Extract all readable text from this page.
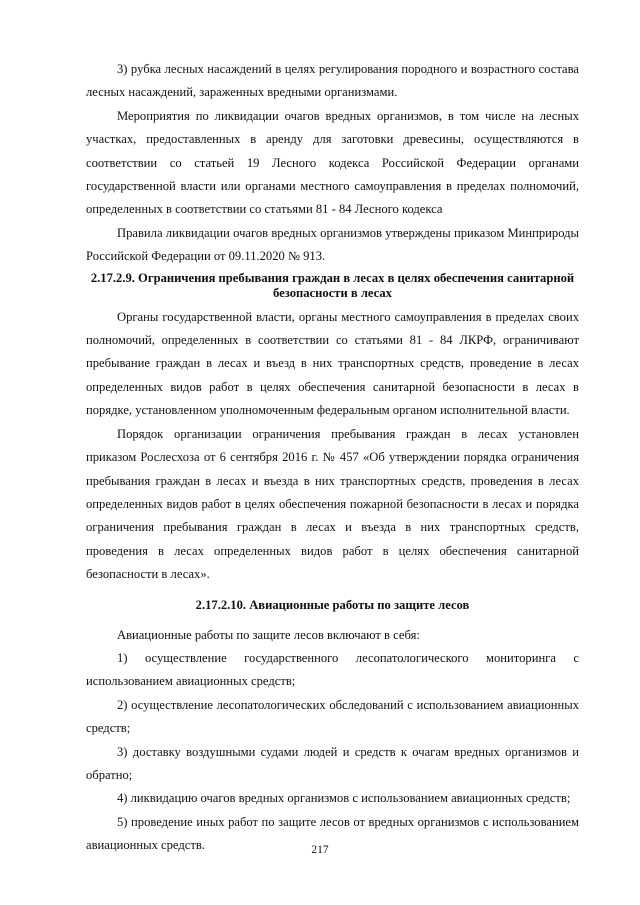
3) рубка лесных насаждений в целях регулирования породного и возрастного состава лесных насаждений, зараженных вредными организмами.

Мероприятия по ликвидации очагов вредных организмов, в том числе на лесных участках, предоставленных в аренду для заготовки древесины, осуществляются в соответствии со статьей 19 Лесного кодекса Российской Федерации органами государственной власти или органами местного самоуправления в пределах полномочий, определенных в соответствии со статьями 81 - 84 Лесного кодекса

Правила ликвидации очагов вредных организмов утверждены приказом Минприроды Российской Федерации от 09.11.2020 № 913.

2.17.2.9. Ограничения пребывания граждан в лесах в целях обеспечения санитарной безопасности в лесах

Органы государственной власти, органы местного самоуправления в пределах своих полномочий, определенных в соответствии со статьями 81 - 84 ЛКРФ, ограничивают пребывание граждан в лесах и въезд в них транспортных средств, проведение в лесах определенных видов работ в целях обеспечения санитарной безопасности в лесах в порядке, установленном уполномоченным федеральным органом исполнительной власти.

Порядок организации ограничения пребывания граждан в лесах установлен приказом Рослесхоза от 6 сентября 2016 г. № 457 «Об утверждении порядка ограничения пребывания граждан в лесах и въезда в них транспортных средств, проведения в лесах определенных видов работ в целях обеспечения пожарной безопасности в лесах и порядка ограничения пребывания граждан в лесах и въезда в них транспортных средств, проведения в лесах определенных видов работ в целях обеспечения санитарной безопасности в лесах».

2.17.2.10. Авиационные работы по защите лесов

Авиационные работы по защите лесов включают в себя:

1) осуществление государственного лесопатологического мониторинга с использованием авиационных средств;

2) осуществление лесопатологических обследований с использованием авиационных средств;

3) доставку воздушными судами людей и средств к очагам вредных организмов и обратно;

4) ликвидацию очагов вредных организмов с использованием авиационных средств;

5) проведение иных работ по защите лесов от вредных организмов с использованием авиационных средств.	217
